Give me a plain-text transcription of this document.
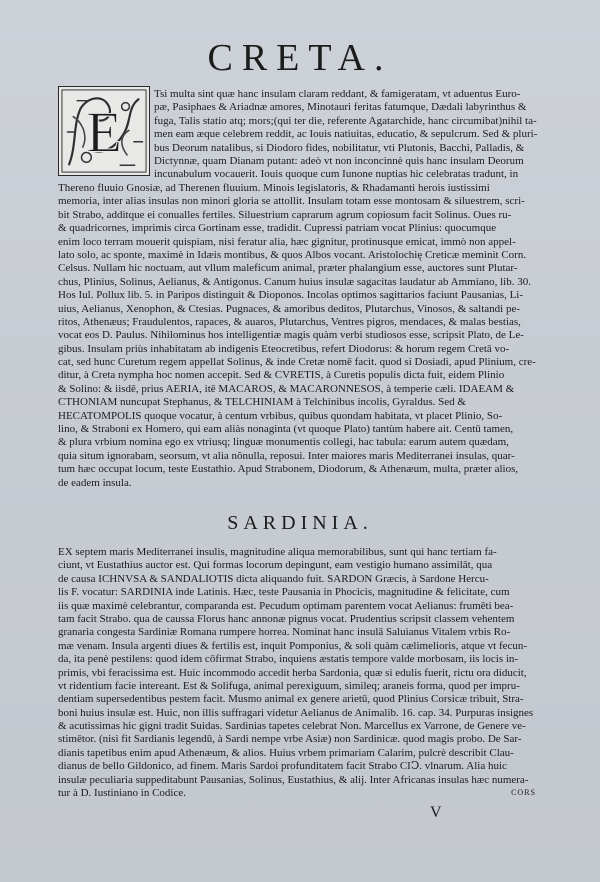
CRETA.
E
Tsi multa sint quæ hanc insulam claram reddant, & famigeratam, vt aduentus Euro-
pæ, Pasiphaes & Ariadnæ amores, Minotauri feritas fatumque, Dædali labyrinthus &
fuga, Talis statio atq; mors;(qui ter die, referente Agatarchide, hanc circumibat)nihil ta-
men eam æque celebrem reddit, ac Iouis natiuitas, educatio, & sepulcrum. Sed & pluri-
bus Deorum natalibus, si Diodoro fides, nobilitatur, vti Plutonis, Bacchi, Palladis, &
Dictynnæ, quam Dianam putant: adeò vt non inconcinnè quis hanc insulam Deorum
incunabulum vocauerit. Iouis quoque cum Iunone nuptias hic celebratas tradunt, in
Thereno fluuio Gnosiæ, ad Therenen fluuium. Minois legislatoris, & Rhadamanti herois iustissimi
memoria, inter alias insulas non minori gloria se attollit. Insulam totam esse montosam & siluestrem, scri-
bit Strabo, additque ei conualles fertiles. Siluestrium caprarum agrum copiosum facit Solinus. Oues ru-
& quadricornes, imprimis circa Gortinam esse, tradidit. Cupressi patriam vocat Plinius: quocumque
enim loco terram mouerit quispiam, nisi feratur alia, hæc gignitur, protinusque emicat, immò non appel-
lato solo, ac sponte, maximè in Idæis montibus, & quos Albos vocant. Aristolochię Creticæ meminit Corn.
Celsus. Nullam hic noctuam, aut vllum maleficum animal, præter phalangium esse, auctores sunt Plutar-
chus, Plinius, Solinus, Aelianus, & Antigonus. Canum huius insulæ sagacitas laudatur ab Ammiano, lib. 30.
Hos Iul. Pollux lib. 5. in Paripos distinguit & Dioponos. Incolas optimos sagittarios faciunt Pausanias, Li-
uius, Aelianus, Xenophon, & Ctesias. Pugnaces, & amoribus deditos, Plutarchus, Vinosos, & saltandi pe-
ritos, Athenæus; Fraudulentos, rapaces, & auaros, Plutarchus, Ventres pigros, mendaces, & malas bestias,
vocat eos D. Paulus. Nihilominus hos intelligentiæ magis quàm verbi studiosos esse, scripsit Plato, de Le-
gibus. Insulam priùs inhabitatam ab indigenis Eteocretibus, refert Diodorus: & horum regem Cretā vo-
cat, sed hunc Curetum regem appellat Solinus, & inde Cretæ nomē facit. quod si Dosiadi, apud Plinium, cre-
ditur, à Creta nympha hoc nomen accepit. Sed & CVRETIS, à Curetis populis dicta fuit, eidem Plinio
& Solino: & iisdē, prius AERIA, itē MACAROS, & MACARONNESOS, à temperie cæli. IDAEAM &
CTHONIAM nuncupat Stephanus, & TELCHINIAM à Telchinibus incolis, Gyraldus. Sed &
HECATOMPOLIS quoque vocatur, à centum vrbibus, quibus quondam habitata, vt placet Plinio, So-
lino, & Straboni ex Homero, qui eam aliàs nonaginta (vt quoque Plato) tantùm habere ait. Centū tamen,
& plura vrbium nomina ego ex vtriusq; linguæ monumentis collegi, hac tabula: earum autem quædam,
quia situm ignorabam, seorsum, vt alia nõnulla, reposui. Inter maiores maris Mediterranei insulas, quar-
tum hæc occupat locum, teste Eustathio. Apud Strabonem, Diodorum, & Athenæum, multa, præter alios,
de eadem insula.
SARDINIA.
EX septem maris Mediterranei insulis, magnitudine aliqua memorabilibus, sunt qui hanc tertiam fa-
ciunt, vt Eustathius auctor est. Qui formas locorum depingunt, eam vestigio humano assimilāt, qua
de causa ICHNVSA & SANDALIOTIS dicta aliquando fuit. SARDON Græcis, à Sardone Hercu-
lis F. vocatur: SARDINIA inde Latinis. Hæc, teste Pausania in Phocicis, magnitudine & felicitate, cum
iis quæ maximè celebrantur, comparanda est. Pecudum optimam parentem vocat Aelianus: frumēti bea-
tam facit Strabo. qua de caussa Florus hanc annonæ pignus vocat. Prudentius scripsit classem vehentem
granaria congesta Sardiniæ Romana rumpere horrea. Nominat hanc insulā Saluianus Vitalem vrbis Ro-
mæ venam. Insula argenti diues & fertilis est, inquit Pomponius, & soli quàm cælimelioris, atque vt fecun-
da, ita penè pestilens: quod idem cōfirmat Strabo, inquiens æstatis tempore valde morbosam, iis locis in-
primis, vbi feracissima est. Huic incommodo accedit herba Sardonia, quæ si edulis fuerit, rictu ora diducit,
vt ridentium facie intereant. Est & Solifuga, animal perexiguum, simileq; araneis forma, quod per impru-
dentiam supersedentibus pestem facit. Musmo animal ex genere arietū, quod Plinius Corsicæ tribuit, Stra-
boni huius insulæ est. Huic, non illis suffragari videtur Aelianus de Animalib. 16. cap. 34. Purpuras insignes
& acutissimas hic gigni tradit Suidas. Sardinias tapetes celebrat Non. Marcellus ex Varrone, de Genere ve-
stimētor. (nisi fit Sardianis legendū, à Sardi nempe vrbe Asiæ) non Sardinicæ. quod magis probo. De Sar-
dianis tapetibus enim apud Athenæum, & alios. Huius vrbem primariam Calarim, pulcrè describit Clau-
dianus de bello Gildonico, ad finem. Maris Sardoi profunditatem facit Strabo CIↃ. vlnarum. Alia huic
insulæ peculiaria suppeditabunt Pausanias, Solinus, Eustathius, & alij. Inter Africanas insulas hæc numera-
tur à D. Iustiniano in Codice.	CORS
V
